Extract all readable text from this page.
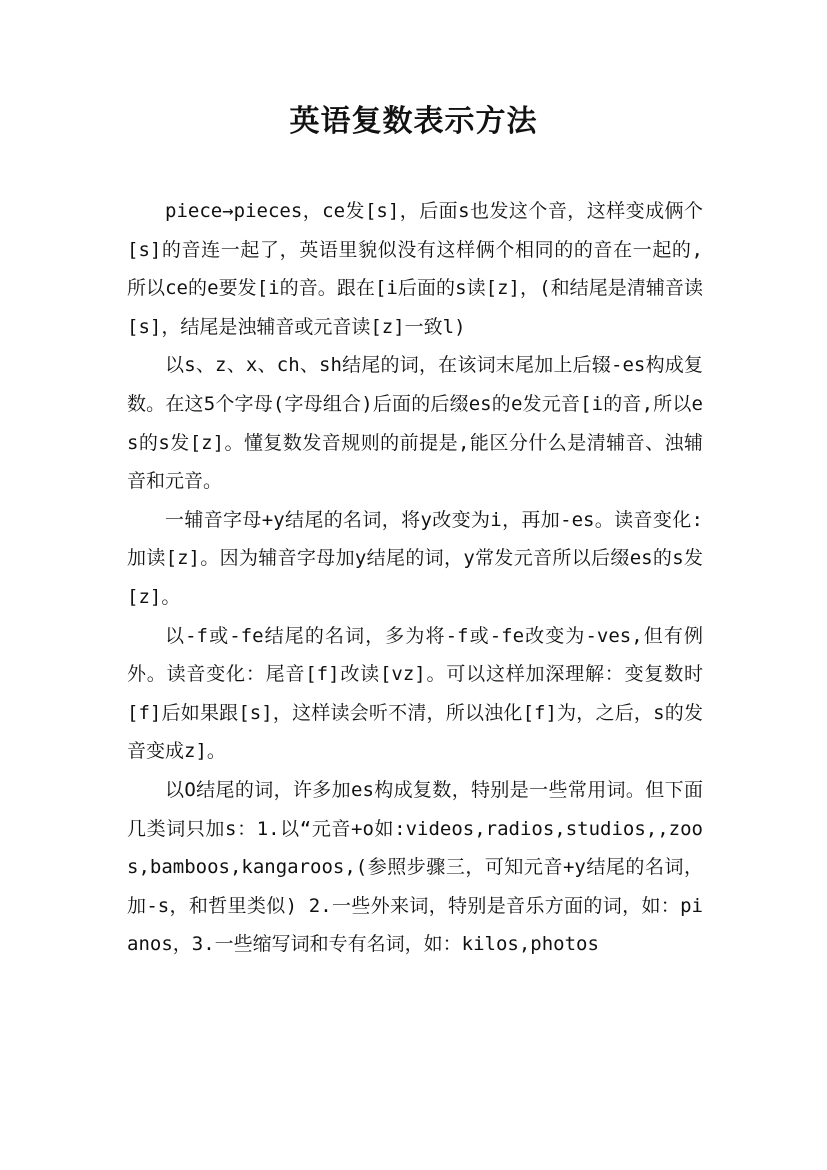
英语复数表示方法

piece→pieces，ce发[s]，后面s也发这个音，这样变成俩个[s]的音连一起了，英语里貌似没有这样俩个相同的的音在一起的,所以ce的e要发[i的音。跟在[i后面的s读[z]，(和结尾是清辅音读[s]，结尾是浊辅音或元音读[z]一致l)

以s、z、x、ch、sh结尾的词，在该词末尾加上后辍-es构成复数。在这5个字母(字母组合)后面的后缀es的e发元音[i的音,所以es的s发[z]。懂复数发音规则的前提是,能区分什么是清辅音、浊辅音和元音。

一辅音字母+y结尾的名词，将y改变为i，再加-es。读音变化:加读[z]。因为辅音字母加y结尾的词，y常发元音所以后缀es的s发[z]。

以-f或-fe结尾的名词，多为将-f或-fe改变为-ves,但有例外。读音变化：尾音[f]改读[vz]。可以这样加深理解：变复数时[f]后如果跟[s]，这样读会听不清，所以浊化[f]为，之后，s的发音变成z]。

以O结尾的词，许多加es构成复数，特别是一些常用词。但下面几类词只加s：1.以“元音+o如:videos,radios,studios,,zoos,bamboos,kangaroos,(参照步骤三，可知元音+y结尾的名词，加-s，和哲里类似) 2.一些外来词，特别是音乐方面的词，如：pianos，3.一些缩写词和专有名词，如：kilos,photos
